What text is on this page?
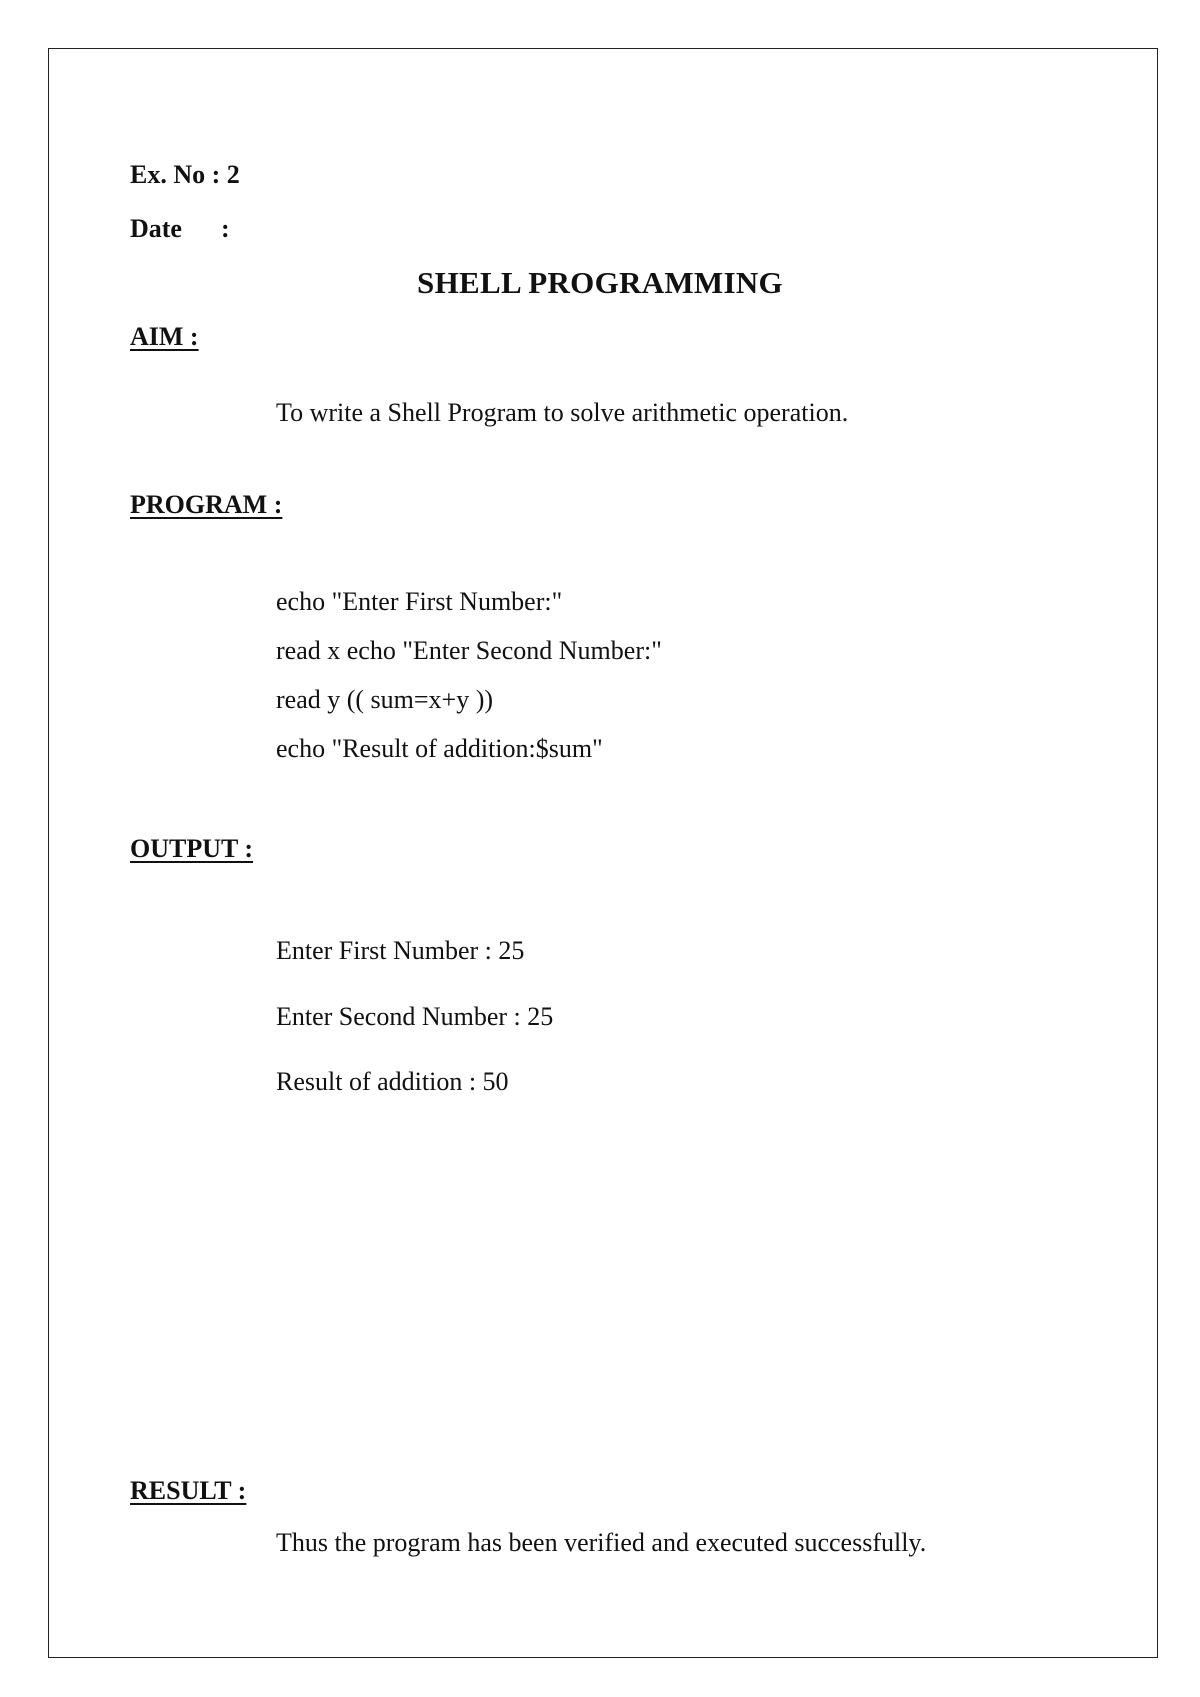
Ex. No : 2

Date :

SHELL PROGRAMMING
AIM :

To write a Shell Program to solve arithmetic operation.

PROGRAM :

echo "Enter First Number:"

read x echo "Enter Second Number:"

read y (( sum=x+y ))

echo "Result of addition:$sum"

OUTPUT :

Enter First Number : 25

Enter Second Number : 25

Result of addition : 50

RESULT :

Thus the program has been verified and executed successfully.
